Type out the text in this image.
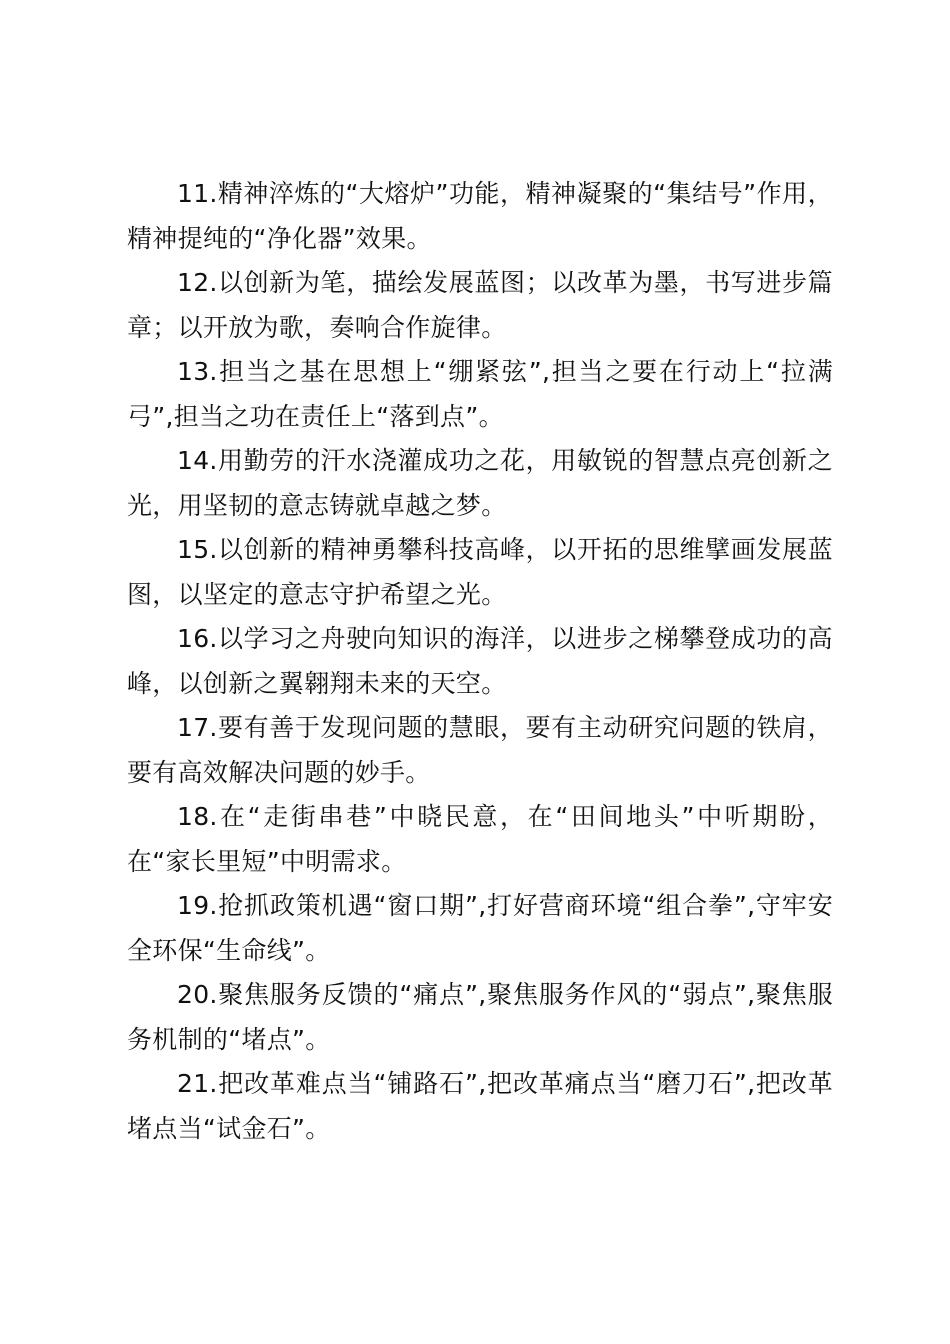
11.精神淬炼的“大熔炉”功能，精神凝聚的“集结号”作用，精神提纯的“净化器”效果。

12.以创新为笔，描绘发展蓝图；以改革为墨，书写进步篇章；以开放为歌，奏响合作旋律。

13.担当之基在思想上“绷紧弦”,担当之要在行动上“拉满弓”,担当之功在责任上“落到点”。

14.用勤劳的汗水浇灌成功之花，用敏锐的智慧点亮创新之光，用坚韧的意志铸就卓越之梦。

15.以创新的精神勇攀科技高峰，以开拓的思维擘画发展蓝图，以坚定的意志守护希望之光。

16.以学习之舟驶向知识的海洋，以进步之梯攀登成功的高峰，以创新之翼翱翔未来的天空。

17.要有善于发现问题的慧眼，要有主动研究问题的铁肩，要有高效解决问题的妙手。

18.在“走街串巷”中晓民意，在“田间地头”中听期盼，在“家长里短”中明需求。

19.抢抓政策机遇“窗口期”,打好营商环境“组合拳”,守牢安全环保“生命线”。

20.聚焦服务反馈的“痛点”,聚焦服务作风的“弱点”,聚焦服务机制的“堵点”。

21.把改革难点当“铺路石”,把改革痛点当“磨刀石”,把改革堵点当“试金石”。
